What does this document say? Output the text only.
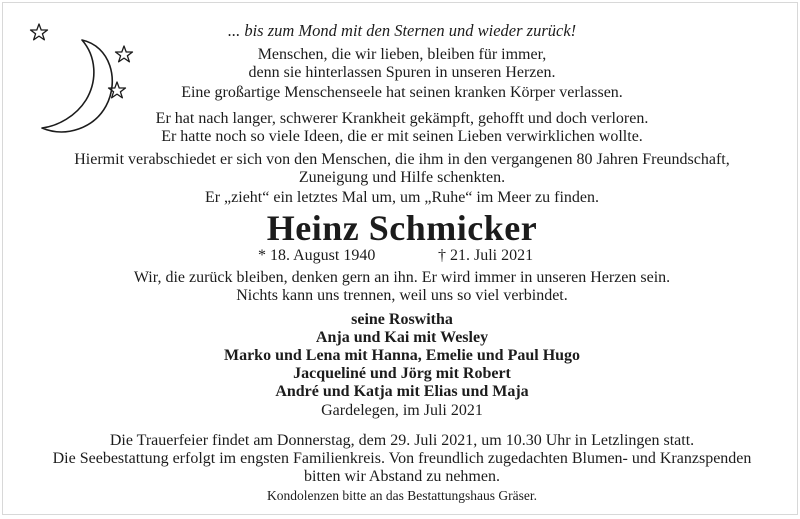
... bis zum Mond mit den Sternen und wieder zurück!

Menschen, die wir lieben, bleiben für immer,

denn sie hinterlassen Spuren in unseren Herzen.

Eine großartige Menschenseele hat seinen kranken Körper verlassen.

Er hat nach langer, schwerer Krankheit gekämpft, gehofft und doch verloren.

Er hatte noch so viele Ideen, die er mit seinen Lieben verwirklichen wollte.

Hiermit verabschiedet er sich von den Menschen, die ihm in den vergangenen 80 Jahren Freundschaft,

Zuneigung und Hilfe schenkten.

Er „zieht“ ein letztes Mal um, um „Ruhe“ im Meer zu finden.

Heinz Schmicker

* 18. August 1940	† 21. Juli 2021

Wir, die zurück bleiben, denken gern an ihn. Er wird immer in unseren Herzen sein.

Nichts kann uns trennen, weil uns so viel verbindet.

seine Roswitha

Anja und Kai mit Wesley

Marko und Lena mit Hanna, Emelie und Paul Hugo

Jacqueliné und Jörg mit Robert

André und Katja mit Elias und Maja

Gardelegen, im Juli 2021

Die Trauerfeier findet am Donnerstag, dem 29. Juli 2021, um 10.30 Uhr in Letzlingen statt.

Die Seebestattung erfolgt im engsten Familienkreis. Von freundlich zugedachten Blumen- und Kranzspenden

bitten wir Abstand zu nehmen.

Kondolenzen bitte an das Bestattungshaus Gräser.
